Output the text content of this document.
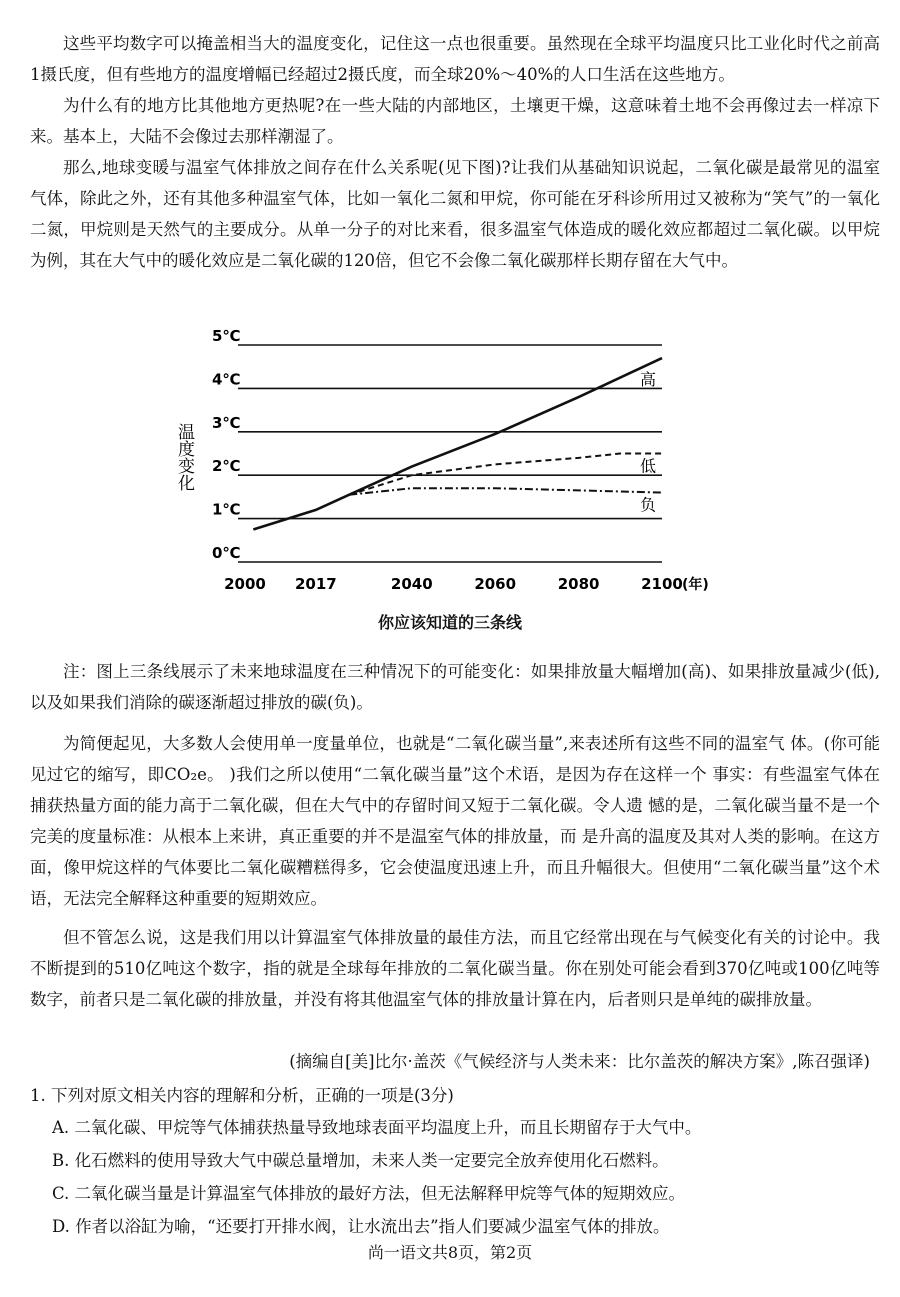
这些平均数字可以掩盖相当大的温度变化，记住这一点也很重要。虽然现在全球平均温度只比工业化时代之前高1摄氏度，但有些地方的温度增幅已经超过2摄氏度，而全球20%～40%的人口生活在这些地方。

为什么有的地方比其他地方更热呢?在一些大陆的内部地区，土壤更干燥，这意味着土地不会再像过去一样凉下来。基本上，大陆不会像过去那样潮湿了。

那么,地球变暖与温室气体排放之间存在什么关系呢(见下图)?让我们从基础知识说起，二氧化碳是最常见的温室气体，除此之外，还有其他多种温室气体，比如一氧化二氮和甲烷，你可能在牙科诊所用过又被称为“笑气”的一氧化二氮，甲烷则是天然气的主要成分。从单一分子的对比来看，很多温室气体造成的暖化效应都超过二氧化碳。以甲烷为例，其在大气中的暖化效应是二氧化碳的120倍，但它不会像二氧化碳那样长期存留在大气中。

0℃
1℃
2℃
3℃
4℃
5℃
2000 2017	2040	2060	2080	2100 (年)
高
低
负
温度变化
你应该知道的三条线

注：图上三条线展示了未来地球温度在三种情况下的可能变化：如果排放量大幅增加(高)、如果排放量减少(低),以及如果我们消除的碳逐渐超过排放的碳(负)。

为简便起见，大多数人会使用单一度量单位，也就是“二氧化碳当量”,来表述所有这些不同的温室气 体。(你可能见过它的缩写，即CO₂e。 )我们之所以使用“二氧化碳当量”这个术语，是因为存在这样一个 事实：有些温室气体在捕获热量方面的能力高于二氧化碳，但在大气中的存留时间又短于二氧化碳。令人遗 憾的是，二氧化碳当量不是一个完美的度量标准：从根本上来讲，真正重要的并不是温室气体的排放量，而 是升高的温度及其对人类的影响。在这方面，像甲烷这样的气体要比二氧化碳糟糕得多，它会使温度迅速上升，而且升幅很大。但使用“二氧化碳当量”这个术语，无法完全解释这种重要的短期效应。

但不管怎么说，这是我们用以计算温室气体排放量的最佳方法，而且它经常出现在与气候变化有关的讨论中。我不断提到的510亿吨这个数字，指的就是全球每年排放的二氧化碳当量。你在别处可能会看到370亿吨或100亿吨等数字，前者只是二氧化碳的排放量，并没有将其他温室气体的排放量计算在内，后者则只是单纯的碳排放量。

(摘编自[美]比尔·盖茨《气候经济与人类未来：比尔盖茨的解决方案》,陈召强译)

1. 下列对原文相关内容的理解和分析，正确的一项是(3分)

A. 二氧化碳、甲烷等气体捕获热量导致地球表面平均温度上升，而且长期留存于大气中。

B. 化石燃料的使用导致大气中碳总量增加，未来人类一定要完全放弃使用化石燃料。

C. 二氧化碳当量是计算温室气体排放的最好方法，但无法解释甲烷等气体的短期效应。

D. 作者以浴缸为喻，“还要打开排水阀，让水流出去”指人们要减少温室气体的排放。

尚一语文共8页，第2页
